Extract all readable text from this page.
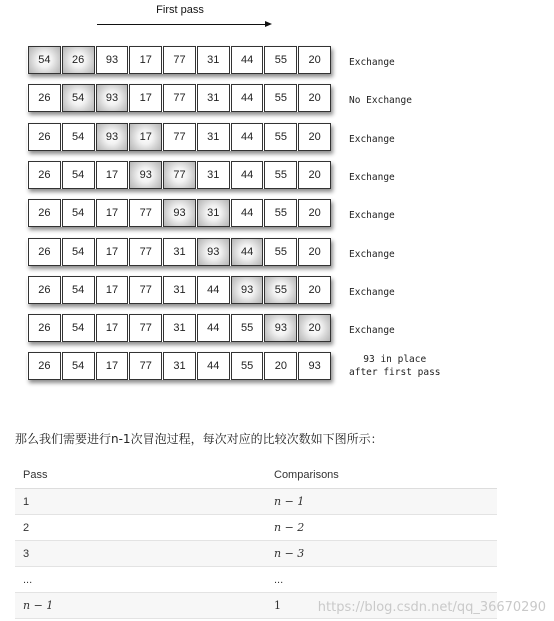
First pass
54	26	93	17	77	31	44	55	20	Exchange
26	54	93	17	77	31	44	55	20	No Exchange
26	54	93	17	77	31	44	55	20	Exchange
26	54	17	93	77	31	44	55	20	Exchange
26	54	17	77	93	31	44	55	20	Exchange
26	54	17	77	31	93	44	55	20	Exchange
26	54	17	77	31	44	93	55	20	Exchange
26	54	17	77	31	44	55	93	20	Exchange
26	54	17	77	31	44	55	20	93
93 in place
after first pass
那么我们需要进行n-1次冒泡过程，每次对应的比较次数如下图所示：
Pass	Comparisons
1	n − 1
2	n − 2
3	n − 3
...	...
n − 1	1	https://blog.csdn.net/qq_36670290
